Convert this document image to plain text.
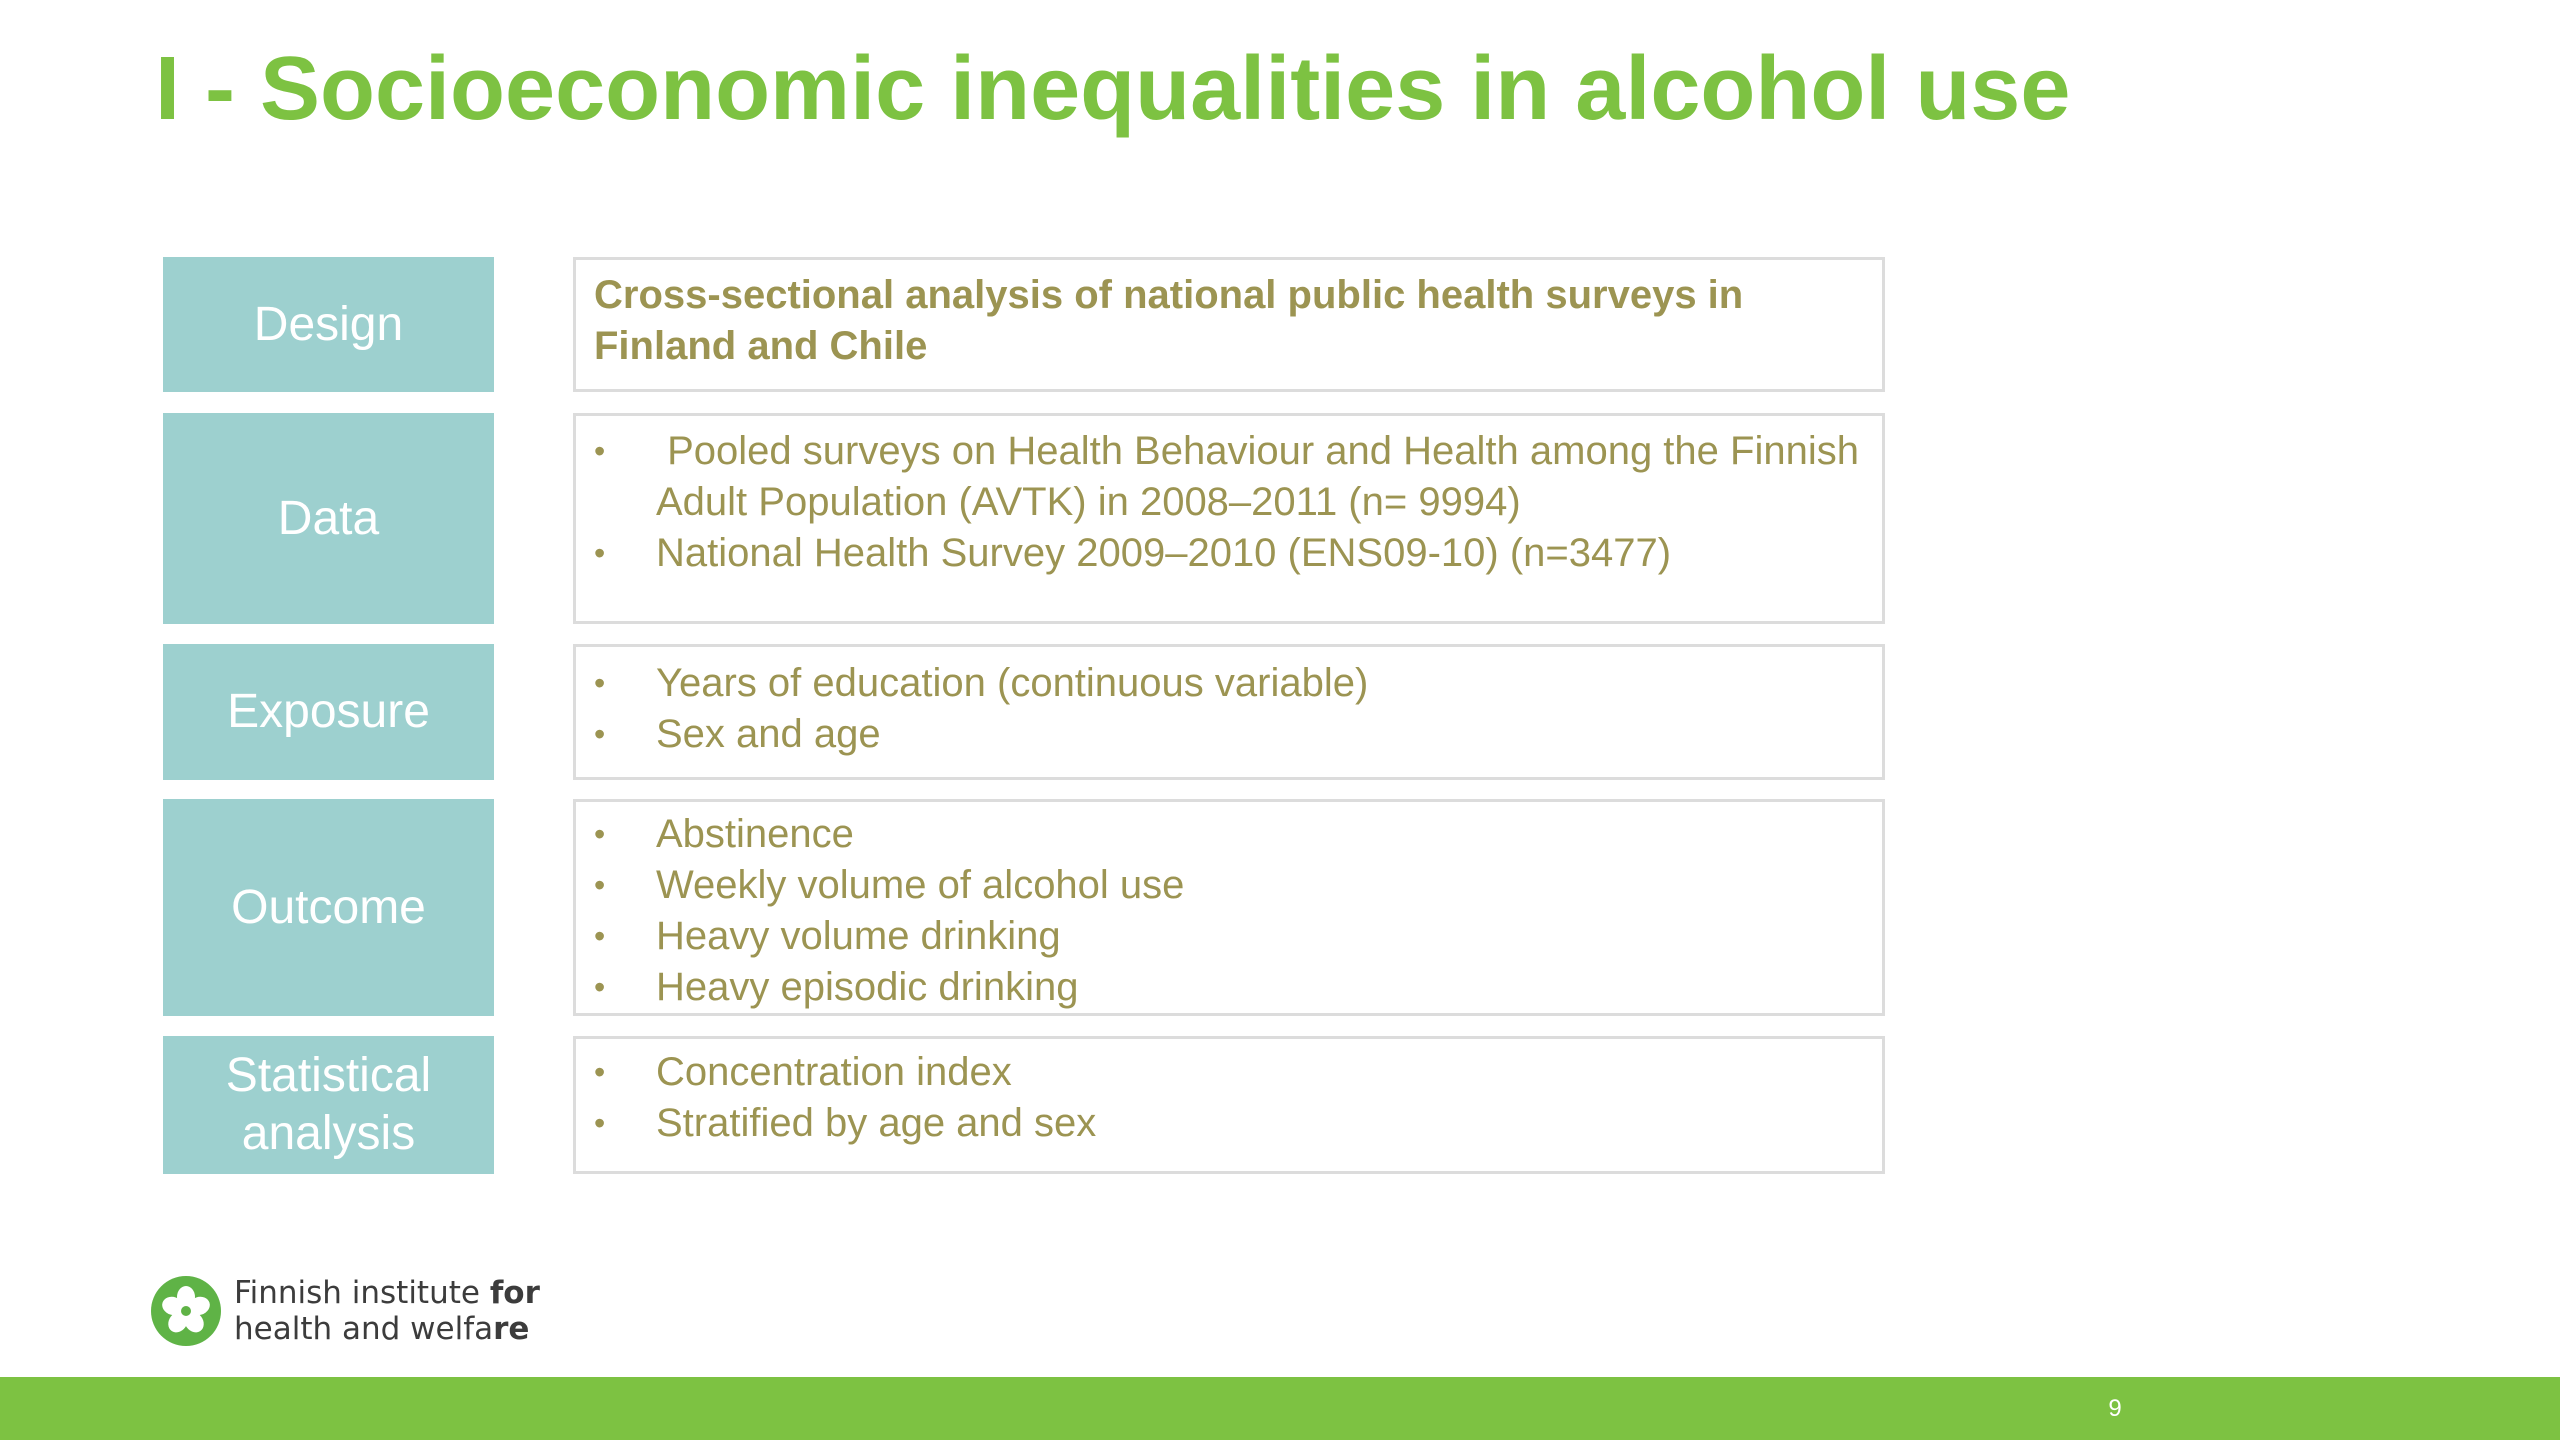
I - Socioeconomic inequalities in alcohol use
Design
Cross-sectional analysis of national public health surveys in Finland and Chile
Data
•  Pooled surveys on Health Behaviour and Health among the Finnish Adult Population (AVTK) in 2008–2011 (n= 9994)
• National Health Survey 2009–2010 (ENS09-10) (n=3477)
Exposure
• Years of education (continuous variable)
• Sex and age
Outcome
• Abstinence
• Weekly volume of alcohol use
• Heavy volume drinking
• Heavy episodic drinking
Statistical analysis
• Concentration index
• Stratified by age and sex
Finnish institute for
health and welfare
9
